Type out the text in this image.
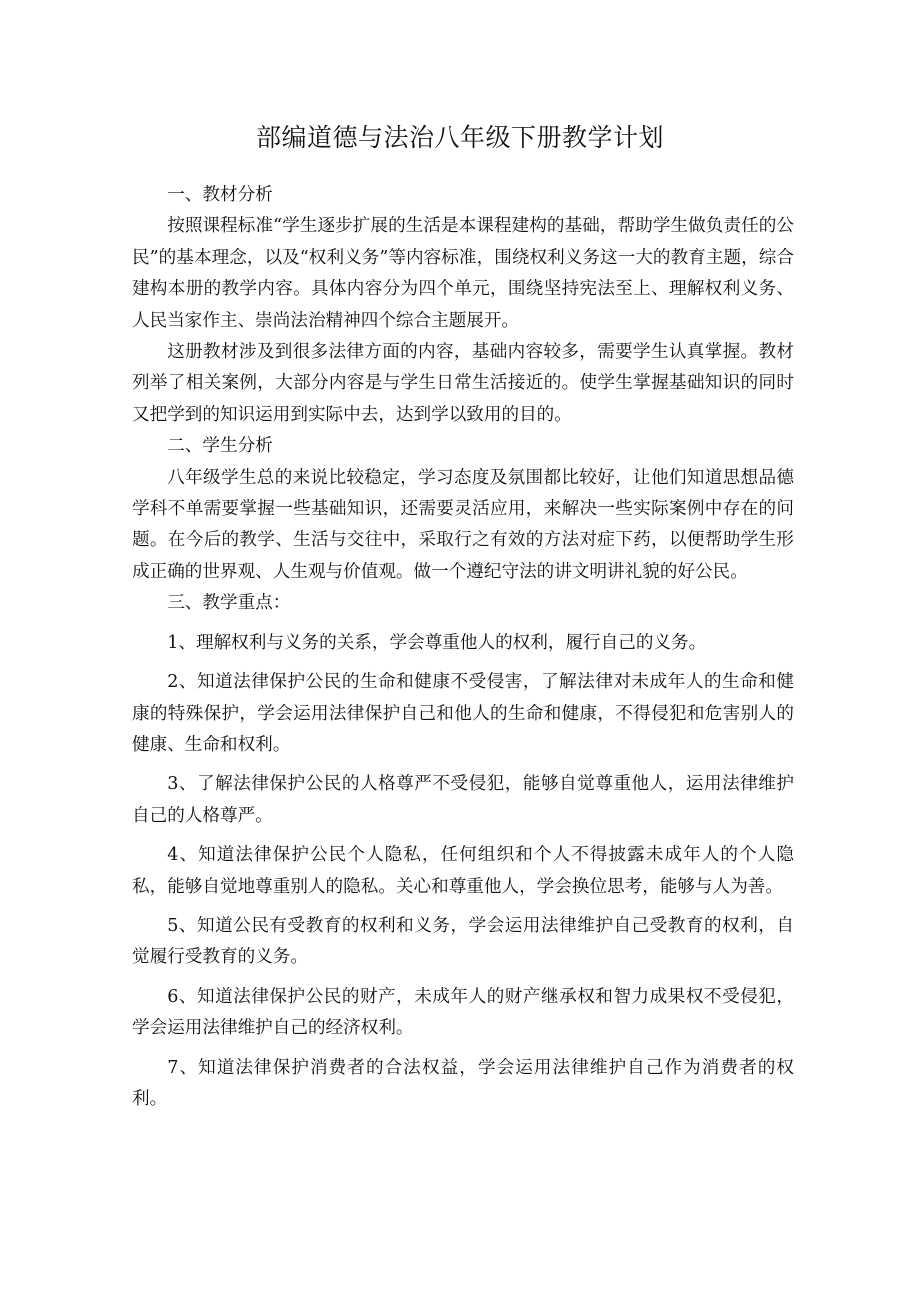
部编道德与法治八年级下册教学计划

一、教材分析

按照课程标准“学生逐步扩展的生活是本课程建构的基础，帮助学生做负责任的公民”的基本理念，以及“权利义务”等内容标准，围绕权利义务这一大的教育主题，综合建构本册的教学内容。具体内容分为四个单元，围绕坚持宪法至上、理解权利义务、人民当家作主、崇尚法治精神四个综合主题展开。

这册教材涉及到很多法律方面的内容，基础内容较多，需要学生认真掌握。教材列举了相关案例，大部分内容是与学生日常生活接近的。使学生掌握基础知识的同时又把学到的知识运用到实际中去，达到学以致用的目的。

二、学生分析

八年级学生总的来说比较稳定，学习态度及氛围都比较好，让他们知道思想品德学科不单需要掌握一些基础知识，还需要灵活应用，来解决一些实际案例中存在的问题。在今后的教学、生活与交往中，采取行之有效的方法对症下药，以便帮助学生形成正确的世界观、人生观与价值观。做一个遵纪守法的讲文明讲礼貌的好公民。

三、教学重点：

1、理解权利与义务的关系，学会尊重他人的权利，履行自己的义务。

2、知道法律保护公民的生命和健康不受侵害，了解法律对未成年人的生命和健康的特殊保护，学会运用法律保护自己和他人的生命和健康，不得侵犯和危害别人的健康、生命和权利。

3、了解法律保护公民的人格尊严不受侵犯，能够自觉尊重他人，运用法律维护自己的人格尊严。

4、知道法律保护公民个人隐私，任何组织和个人不得披露未成年人的个人隐私，能够自觉地尊重别人的隐私。关心和尊重他人，学会换位思考，能够与人为善。

5、知道公民有受教育的权利和义务，学会运用法律维护自己受教育的权利，自觉履行受教育的义务。

6、知道法律保护公民的财产，未成年人的财产继承权和智力成果权不受侵犯，学会运用法律维护自己的经济权利。

7、知道法律保护消费者的合法权益，学会运用法律维护自己作为消费者的权利。
